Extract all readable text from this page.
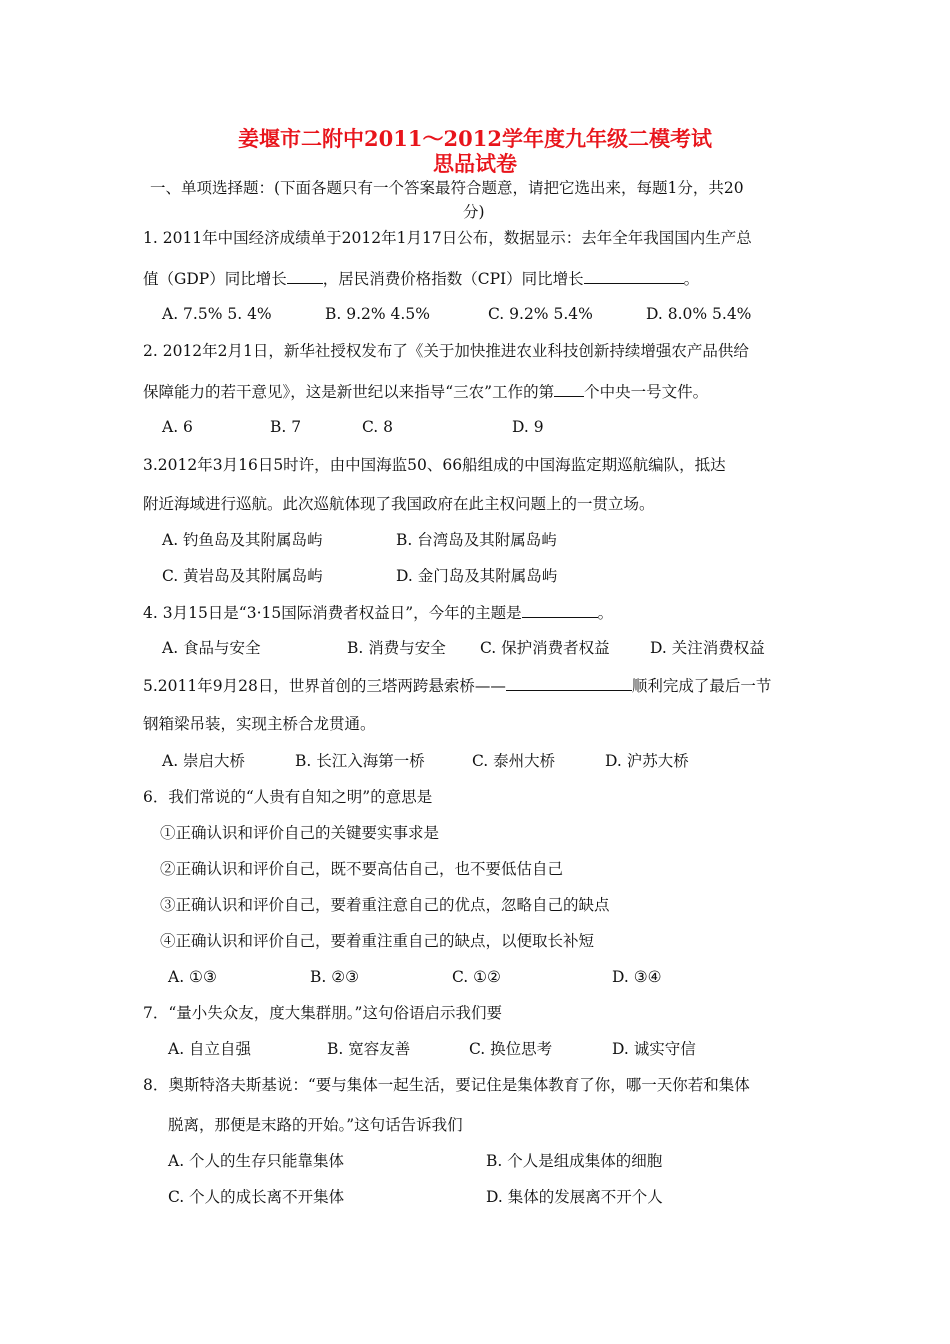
姜堰市二附中2011～2012学年度九年级二模考试
思品试卷
一、单项选择题：(下面各题只有一个答案最符合题意，请把它选出来，每题1分，共20
分)
1. 2011年中国经济成绩单于2012年1月17日公布，数据显示：去年全年我国国内生产总
值（GDP）同比增长 ，居民消费价格指数（CPI）同比增长	。
A. 7.5% 5. 4%	B. 9.2% 4.5%	C. 9.2% 5.4%	D. 8.0% 5.4%
2. 2012年2月1日，新华社授权发布了《关于加快推进农业科技创新持续增强农产品供给
保障能力的若干意见》，这是新世纪以来指导“三农”工作的第 个中央一号文件。
A. 6	B. 7	C. 8	D. 9
3.2012年3月16日5时许，由中国海监50、66船组成的中国海监定期巡航编队，抵达
附近海域进行巡航。此次巡航体现了我国政府在此主权问题上的一贯立场。
A. 钓鱼岛及其附属岛屿	B. 台湾岛及其附属岛屿
C. 黄岩岛及其附属岛屿	D. 金门岛及其附属岛屿
4. 3月15日是“3·15国际消费者权益日”，今年的主题是	。
A. 食品与安全	B. 消费与安全 C. 保护消费者权益	D. 关注消费权益
5.2011年9月28日，世界首创的三塔两跨悬索桥——	顺利完成了最后一节
钢箱梁吊装，实现主桥合龙贯通。
A. 崇启大桥	B. 长江入海第一桥	C. 泰州大桥	D. 沪苏大桥
6．我们常说的“人贵有自知之明”的意思是
①正确认识和评价自己的关键要实事求是
②正确认识和评价自己，既不要高估自己，也不要低估自己
③正确认识和评价自己，要着重注意自己的优点，忽略自己的缺点
④正确认识和评价自己，要着重注重自己的缺点，以便取长补短
A. ①③	B. ②③	C. ①②	D. ③④
7．“量小失众友，度大集群朋。”这句俗语启示我们要
A. 自立自强	B. 宽容友善	C. 换位思考	D. 诚实守信
8．奥斯特洛夫斯基说：“要与集体一起生活，要记住是集体教育了你，哪一天你若和集体
脱离，那便是末路的开始。”这句话告诉我们
A. 个人的生存只能靠集体	B. 个人是组成集体的细胞
C. 个人的成长离不开集体	D. 集体的发展离不开个人
